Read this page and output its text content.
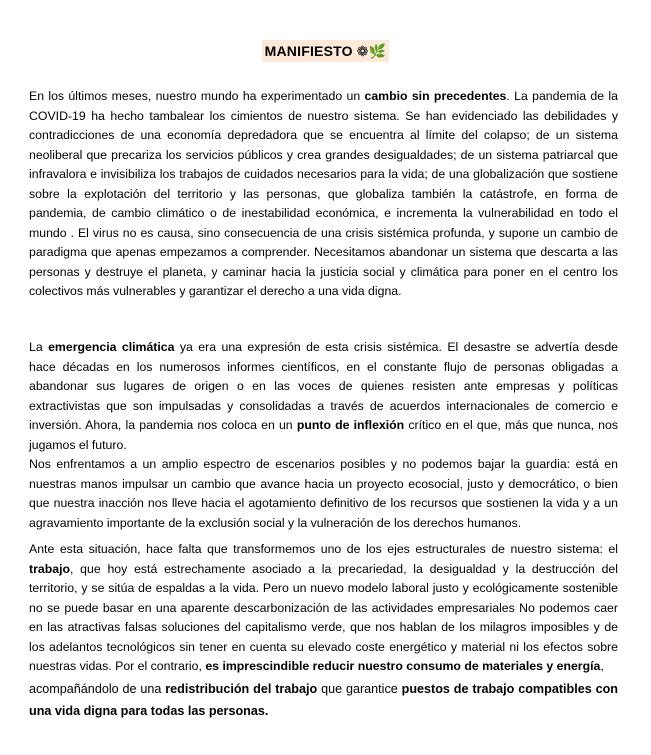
MANIFIESTO ❁🌿

En los últimos meses, nuestro mundo ha experimentado un cambio sin precedentes. La pandemia de la COVID-19 ha hecho tambalear los cimientos de nuestro sistema. Se han evidenciado las debilidades y contradicciones de una economía depredadora que se encuentra al límite del colapso; de un sistema neoliberal que precariza los servicios públicos y crea grandes desigualdades; de un sistema patriarcal que infravalora e invisibiliza los trabajos de cuidados necesarios para la vida; de una globalización que sostiene sobre la explotación del territorio y las personas, que globaliza también la catástrofe, en forma de pandemia, de cambio climático o de inestabilidad económica, e incrementa la vulnerabilidad en todo el mundo . El virus no es causa, sino consecuencia de una crisis sistémica profunda, y supone un cambio de paradigma que apenas empezamos a comprender. Necesitamos abandonar un sistema que descarta a las personas y destruye el planeta, y caminar hacia la justicia social y climática para poner en el centro los colectivos más vulnerables y garantizar el derecho a una vida digna.

La emergencia climática ya era una expresión de esta crisis sistémica. El desastre se advertía desde hace décadas en los numerosos informes científicos, en el constante flujo de personas obligadas a abandonar sus lugares de origen o en las voces de quienes resisten ante empresas y políticas extractivistas que son impulsadas y consolidadas a través de acuerdos internacionales de comercio e inversión. Ahora, la pandemia nos coloca en un punto de inflexión crítico en el que, más que nunca, nos jugamos el futuro.
Nos enfrentamos a un amplio espectro de escenarios posibles y no podemos bajar la guardia: está en nuestras manos impulsar un cambio que avance hacia un proyecto ecosocial, justo y democrático, o bien que nuestra inacción nos lleve hacia el agotamiento definitivo de los recursos que sostienen la vida y a un agravamiento importante de la exclusión social y la vulneración de los derechos humanos.

Ante esta situación, hace falta que transformemos uno de los ejes estructurales de nuestro sistema: el trabajo, que hoy está estrechamente asociado a la precariedad, la desigualdad y la destrucción del territorio, y se sitúa de espaldas a la vida. Pero un nuevo modelo laboral justo y ecológicamente sostenible no se puede basar en una aparente descarbonización de las actividades empresariales No podemos caer en las atractivas falsas soluciones del capitalismo verde, que nos hablan de los milagros imposibles y de los adelantos tecnológicos sin tener en cuenta su elevado coste energético y material ni los efectos sobre nuestras vidas. Por el contrario, es imprescindible reducir nuestro consumo de materiales y energía,
acompañándolo de una redistribución del trabajo que garantice puestos de trabajo compatibles con una vida digna para todas las personas.
